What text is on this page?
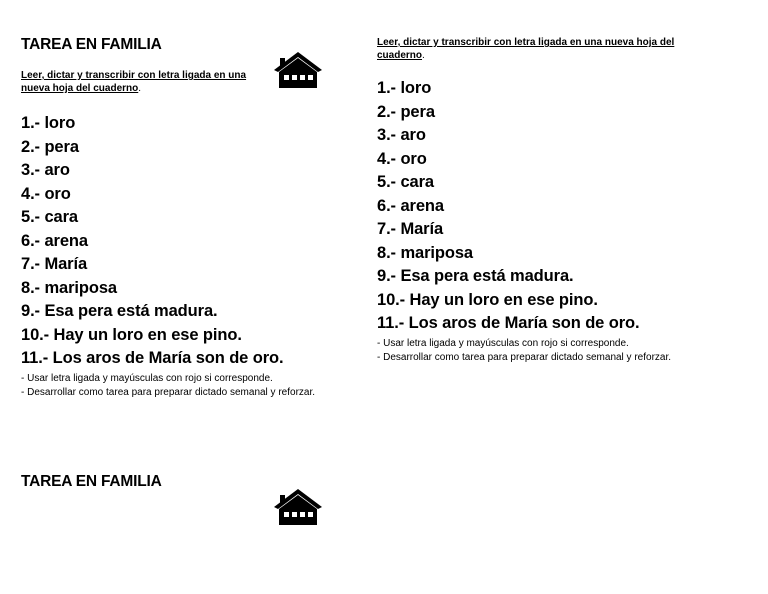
TAREA EN FAMILIA
Leer, dictar y transcribir con letra ligada en una nueva hoja del cuaderno.
1.- loro
2.- pera
3.- aro
4.- oro
5.- cara
6.- arena
7.- María
8.- mariposa
9.- Esa pera está madura.
10.- Hay un loro en ese pino.
11.- Los aros de María son de oro.
- Usar letra ligada y mayúsculas con rojo si corresponde.
- Desarrollar como tarea para preparar dictado semanal y reforzar.
Leer, dictar y transcribir con letra ligada en una nueva hoja del cuaderno.
1.- loro
2.- pera
3.- aro
4.- oro
5.- cara
6.- arena
7.- María
8.- mariposa
9.- Esa pera está madura.
10.- Hay un loro en ese pino.
11.- Los aros de María son de oro.
- Usar letra ligada y mayúsculas con rojo si corresponde.
- Desarrollar como tarea para preparar dictado semanal y reforzar.
TAREA EN FAMILIA
